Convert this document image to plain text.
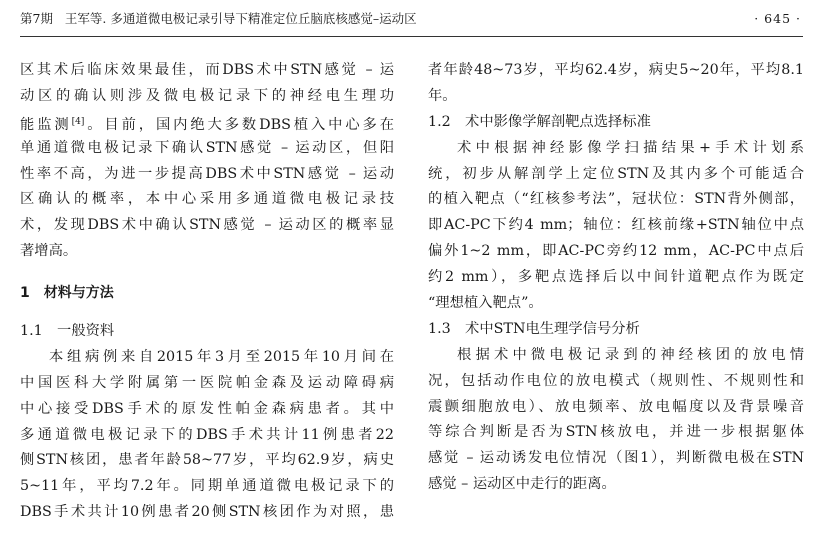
第7期 王军等. 多通道微电极记录引导下精准定位丘脑底核感觉–运动区	· 645 ·
区其术后临床效果最佳，而DBS术中STN感觉 – 运
动区的确认则涉及微电极记录下的神经电生理功
能监测[4]。目前，国内绝大多数DBS植入中心多在
单通道微电极记录下确认STN感觉 – 运动区，但阳
性率不高，为进一步提高DBS术中STN感觉 – 运动
区确认的概率，本中心采用多通道微电极记录技
术，发现DBS术中确认STN感觉 – 运动区的概率显
著增高。
1　材料与方法
1.1　一般资料
本组病例来自2015年3月至2015年10月间在
中国医科大学附属第一医院帕金森及运动障碍病
中心接受DBS手术的原发性帕金森病患者。其中
多通道微电极记录下的DBS手术共计11例患者22
侧STN核团，患者年龄58~77岁，平均62.9岁，病史
5~11年，平均7.2年。同期单通道微电极记录下的
DBS手术共计10例患者20侧STN核团作为对照，患
者年龄48~73岁，平均62.4岁，病史5~20年，平均8.1
年。
1.2　术中影像学解剖靶点选择标准
术中根据神经影像学扫描结果+手术计划系
统，初步从解剖学上定位STN及其内多个可能适合
的植入靶点（“红核参考法”，冠状位：STN背外侧部，
即AC-PC下约4 mm；轴位：红核前缘+STN轴位中点
偏外1~2 mm，即AC-PC旁约12 mm，AC-PC中点后
约2 mm），多靶点选择后以中间针道靶点作为既定
“理想植入靶点”。
1.3　术中STN电生理学信号分析
根据术中微电极记录到的神经核团的放电情
况，包括动作电位的放电模式（规则性、不规则性和
震颤细胞放电）、放电频率、放电幅度以及背景噪音
等综合判断是否为STN核放电，并进一步根据躯体
感觉 – 运动诱发电位情况（图1），判断微电极在STN
感觉 – 运动区中走行的距离。
